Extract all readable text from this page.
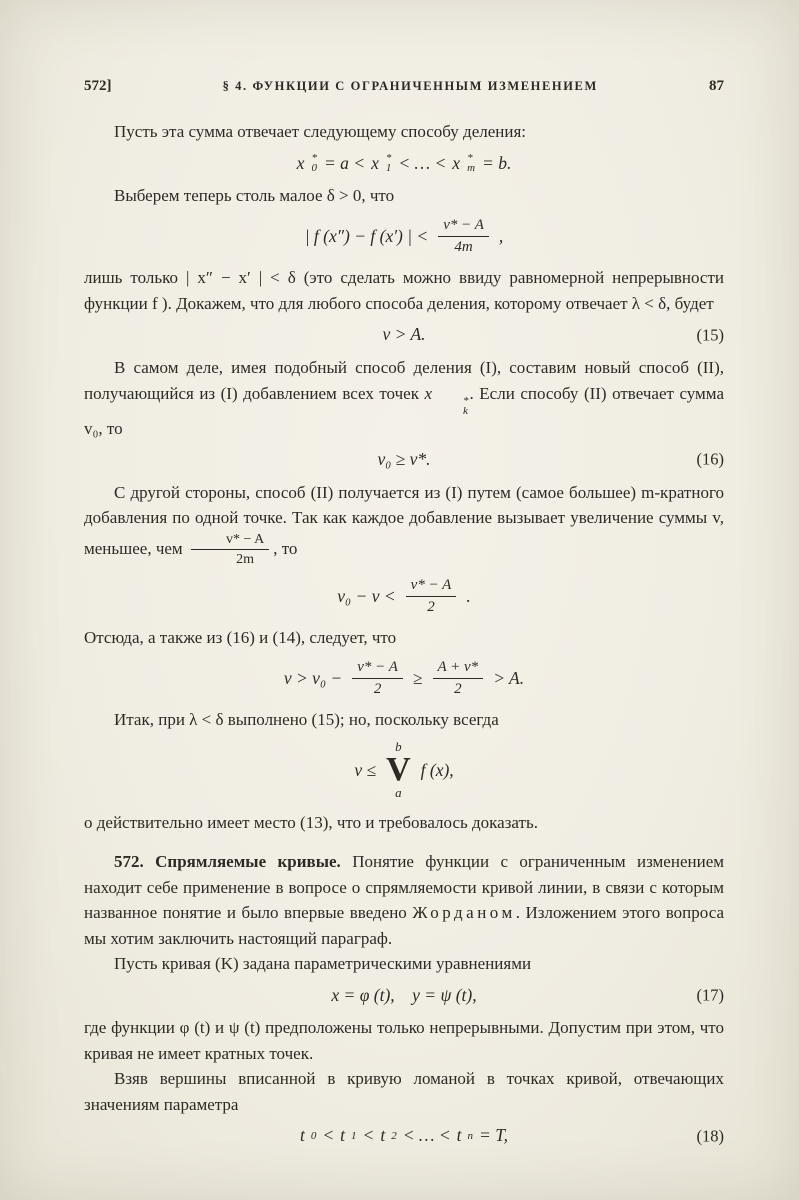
572]	§ 4. ФУНКЦИИ С ОГРАНИЧЕННЫМ ИЗМЕНЕНИЕМ	87

Пусть эта сумма отвечает следующему способу деления:

x *
0 = a < x *
1 < … < x *
m = b.

Выберем теперь столь малое δ > 0, что

| f (x″) − f (x′) | < $\frac{v* - A}{4m}$ ,

лишь только | x″ − x′ | < δ (это сделать можно ввиду равномерной непрерывности функции f ). Докажем, что для любого способа деления, которому отвечает λ < δ, будет

v > A.	(15)

В самом деле, имея подобный способ деления (I), составим новый способ (II), получающийся из (I) добавлением всех точек x	*
k
. Если способу (II) отвечает сумма v₀, то

v₀ ≥ v*.	(16)

С другой стороны, способ (II) получается из (I) путем (самое большее) m-кратного добавления по одной точке. Так как каждое добавление вызывает увеличение суммы v, меньшее, чем $\frac{v* - A}{2m}$ , то

$v_0 - v < \frac{v* - A}{2}$ .

Отсюда, а также из (16) и (14), следует, что

$v > v_0 - \frac{v* - A}{2} \ge \frac{A + v*}{2} > A$.

Итак, при λ < δ выполнено (15); но, поскольку всегда

v ≤
b
V
a
f (x),

о действительно имеет место (13), что и требовалось доказать.

572. Спрямляемые кривые. Понятие функции с ограниченным изменением находит себе применение в вопросе о спрямляемости кривой линии, в связи с которым названное понятие и было впервые введено Жорданом. Изложением этого вопроса мы хотим заключить настоящий параграф.

Пусть кривая (K) задана параметрическими уравнениями

x = φ (t), y = ψ (t),	(17)

где функции φ (t) и ψ (t) предположены только непрерывными. Допустим при этом, что кривая не имеет кратных точек.

Взяв вершины вписанной в кривую ломаной в точках кривой, отвечающих значениям параметра

t 0 < t 1 < t 2 < … < t n = T,	(18)
